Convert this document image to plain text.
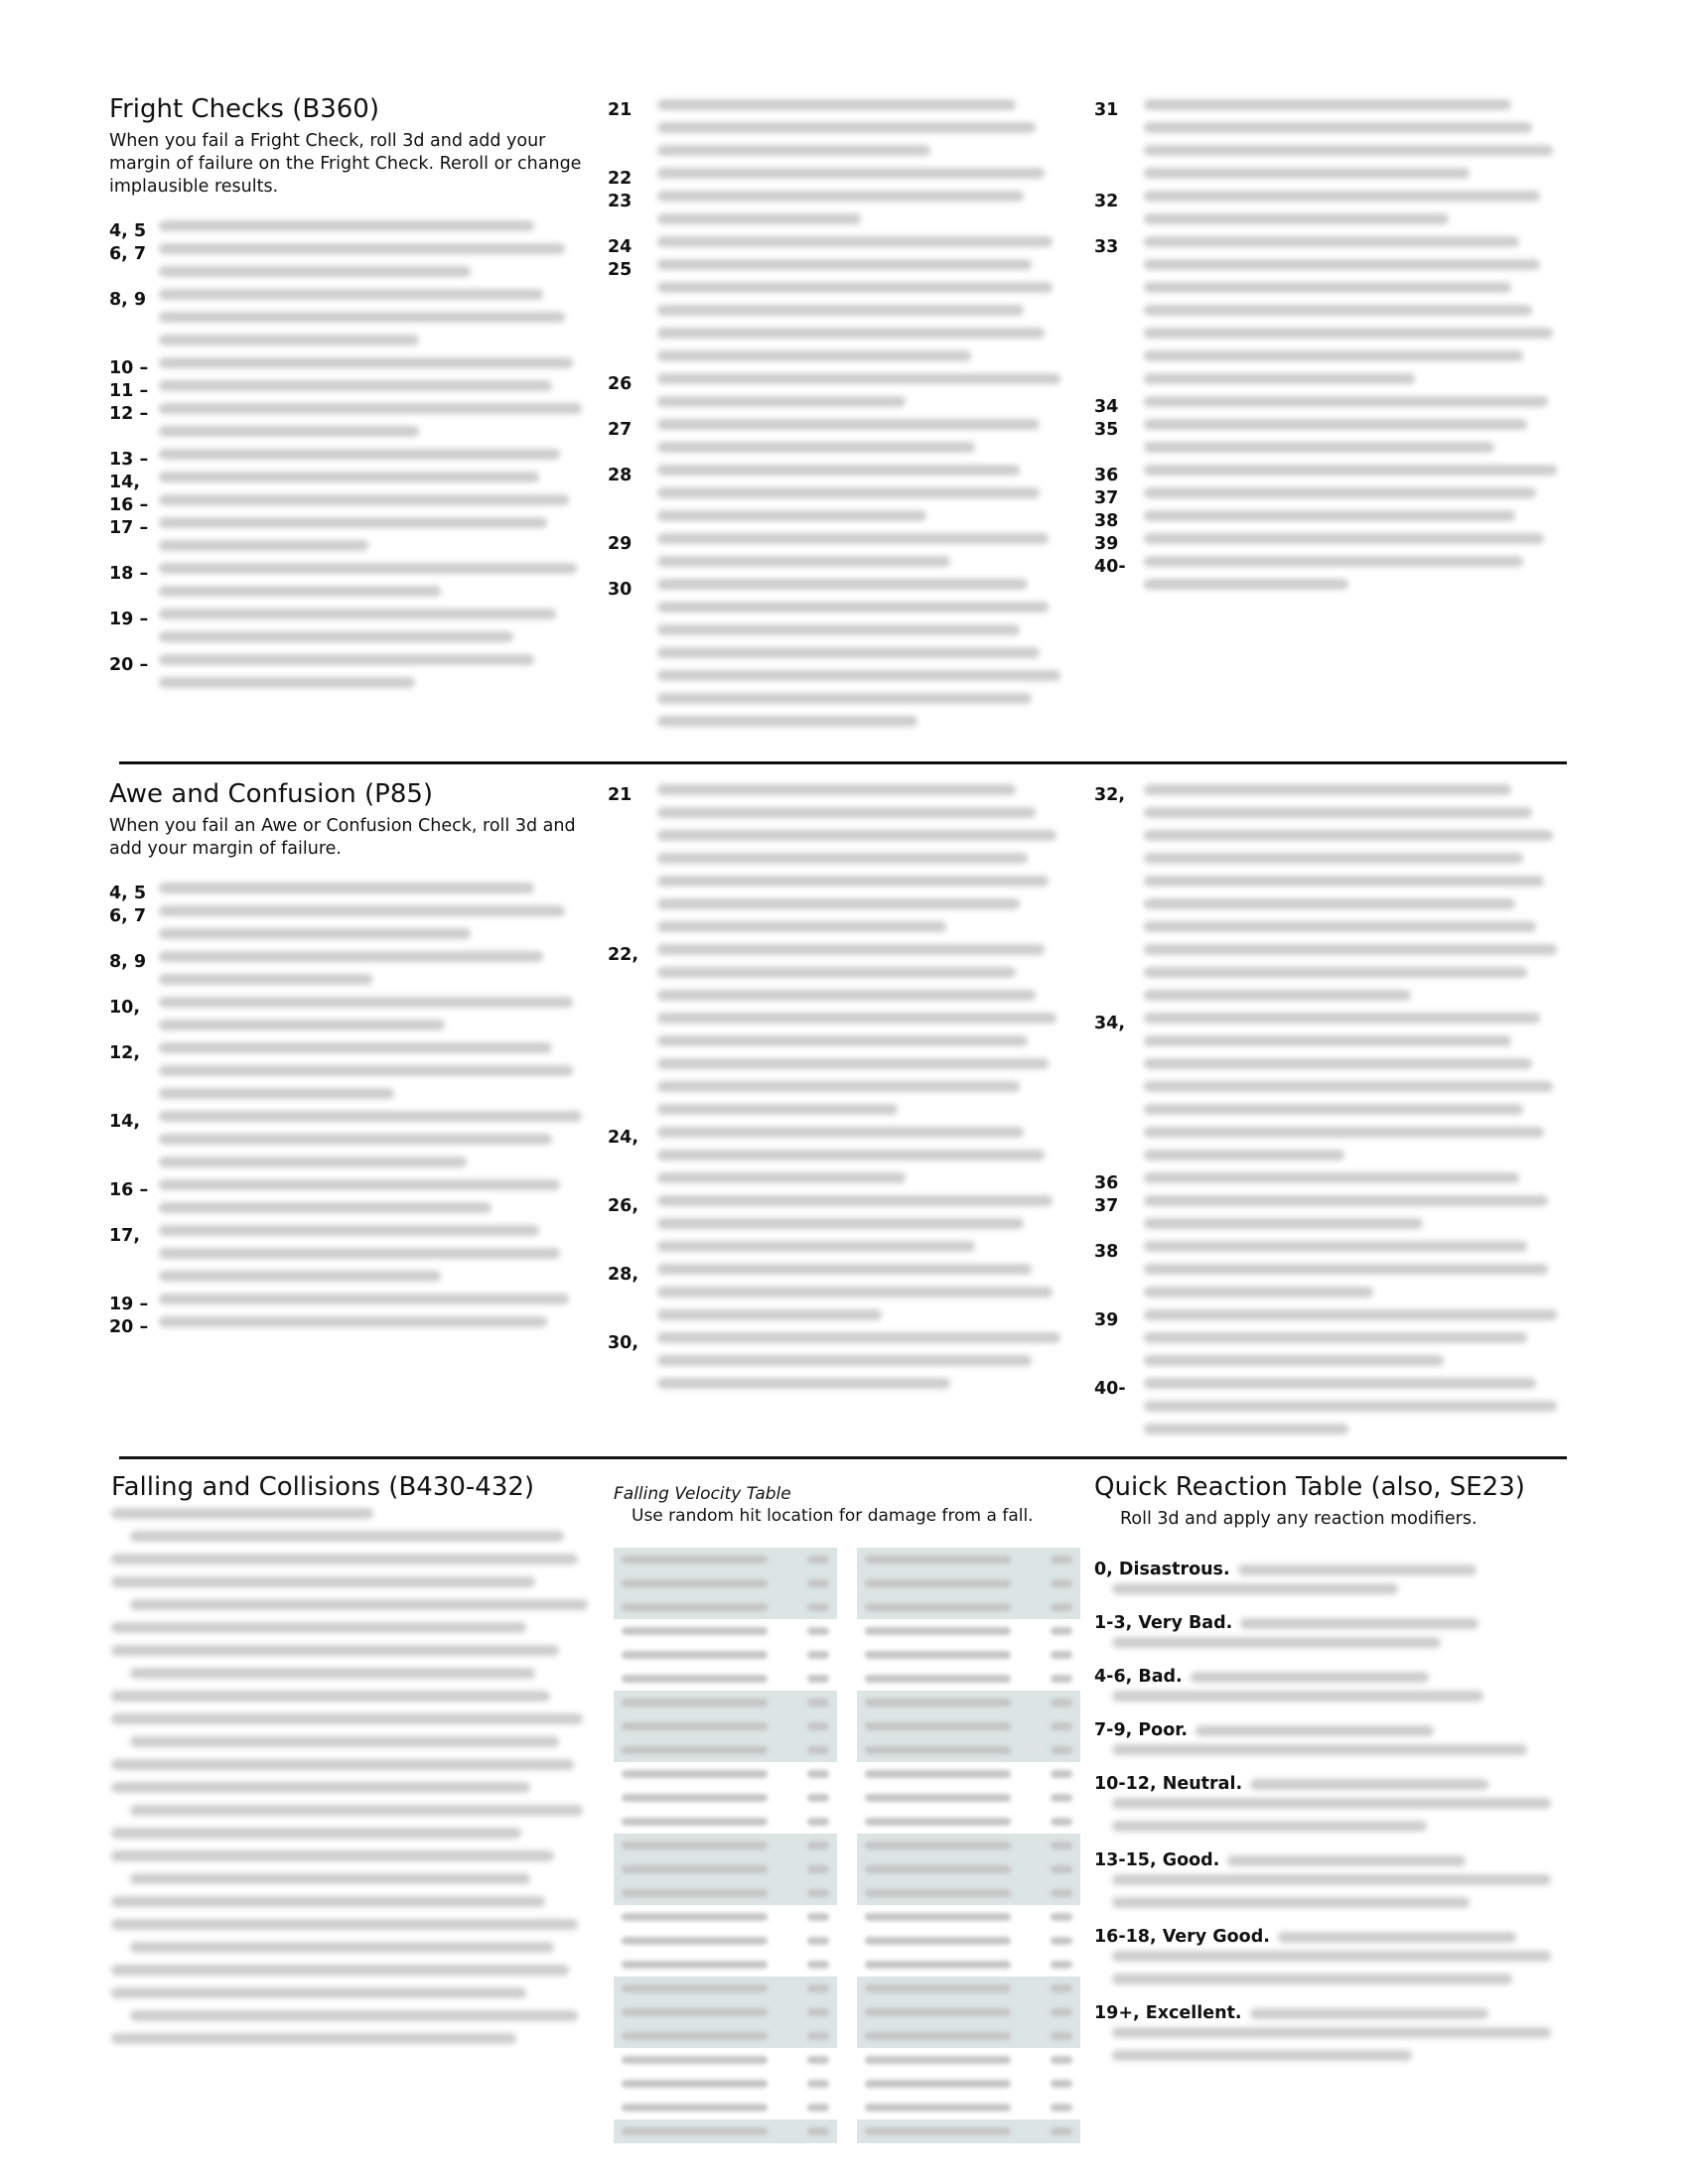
Fright Checks (B360)

When you fail a Fright Check, roll 3d and add your margin of failure on the Fright Check. Reroll or change implausible results.

4, 5
6, 7
8, 9
10 –
11 –
12 –
13 –
14,
16 –
17 –
18 –
19 –
20 –
21
22
23
24
25
26
27
28
29
30
31
32
33
34
35
36
37
38
39
40-
Awe and Confusion (P85)

When you fail an Awe or Confusion Check, roll 3d and add your margin of failure.

4, 5
6, 7
8, 9
10,
12,
14,
16 –
17,
19 –
20 –
21
22,
24,
26,
28,
30,
32,
34,
36
37
38
39
40-
Falling and Collisions (B430-432)	Falling Velocity Table
Use random hit location for damage from a fall.
Quick Reaction Table (also, SE23)
Roll 3d and apply any reaction modifiers.
0, Disastrous.
1-3, Very Bad.
4-6, Bad.
7-9, Poor.
10-12, Neutral.
13-15, Good.
16-18, Very Good.
19+, Excellent.
